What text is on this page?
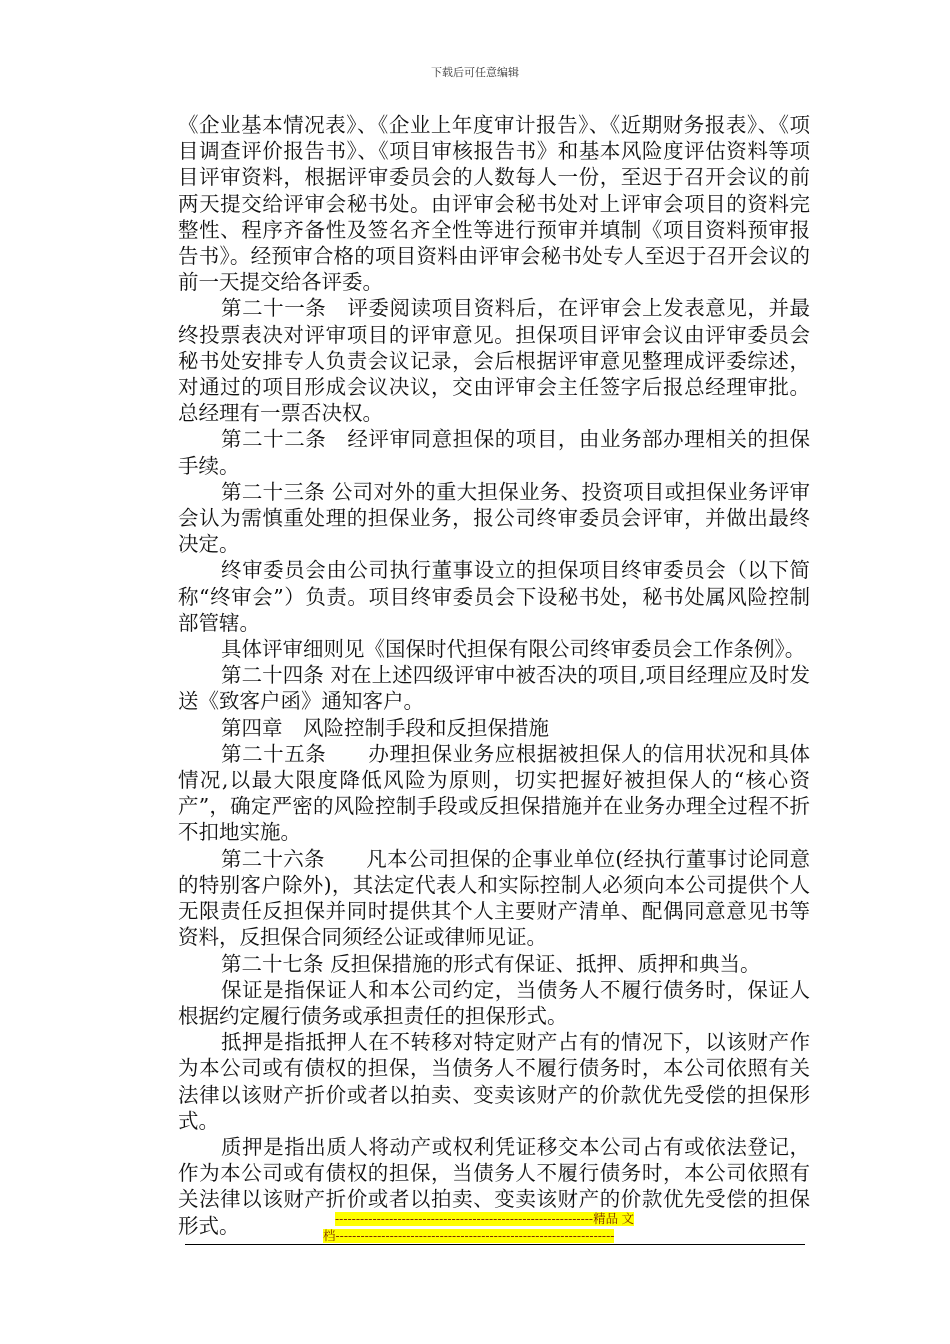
下载后可任意编辑

《企业基本情况表》、《企业上年度审计报告》、《近期财务报表》、《项目调查评价报告书》、《项目审核报告书》和基本风险度评估资料等项目评审资料，根据评审委员会的人数每人一份，至迟于召开会议的前两天提交给评审会秘书处。由评审会秘书处对上评审会项目的资料完整性、程序齐备性及签名齐全性等进行预审并填制《项目资料预审报告书》。经预审合格的项目资料由评审会秘书处专人至迟于召开会议的前一天提交给各评委。

第二十一条　评委阅读项目资料后，在评审会上发表意见，并最终投票表决对评审项目的评审意见。担保项目评审会议由评审委员会秘书处安排专人负责会议记录，会后根据评审意见整理成评委综述，对通过的项目形成会议决议，交由评审会主任签字后报总经理审批。总经理有一票否决权。

第二十二条　经评审同意担保的项目，由业务部办理相关的担保手续。

第二十三条 公司对外的重大担保业务、投资项目或担保业务评审会认为需慎重处理的担保业务，报公司终审委员会评审，并做出最终决定。

终审委员会由公司执行董事设立的担保项目终审委员会（以下简称“终审会”）负责。项目终审委员会下设秘书处，秘书处属风险控制部管辖。

具体评审细则见《国保时代担保有限公司终审委员会工作条例》。

第二十四条 对在上述四级评审中被否决的项目,项目经理应及时发送《致客户函》通知客户。

第四章　风险控制手段和反担保措施

第二十五条　　办理担保业务应根据被担保人的信用状况和具体情况,以最大限度降低风险为原则，切实把握好被担保人的“核心资产”，确定严密的风险控制手段或反担保措施并在业务办理全过程不折不扣地实施。

第二十六条　　凡本公司担保的企事业单位(经执行董事讨论同意的特别客户除外)，其法定代表人和实际控制人必须向本公司提供个人无限责任反担保并同时提供其个人主要财产清单、配偶同意意见书等资料，反担保合同须经公证或律师见证。

第二十七条 反担保措施的形式有保证、抵押、质押和典当。

保证是指保证人和本公司约定，当债务人不履行债务时，保证人根据约定履行债务或承担责任的担保形式。

抵押是指抵押人在不转移对特定财产占有的情况下，以该财产作为本公司或有债权的担保，当债务人不履行债务时，本公司依照有关法律以该财产折价或者以拍卖、变卖该财产的价款优先受偿的担保形式。

质押是指出质人将动产或权利凭证移交本公司占有或依法登记，作为本公司或有债权的担保，当债务人不履行债务时，本公司依照有关法律以该财产折价或者以拍卖、变卖该财产的价款优先受偿的担保形式。	--------------------------------------------------------------精品 文
档-------------------------------------------------------------------
